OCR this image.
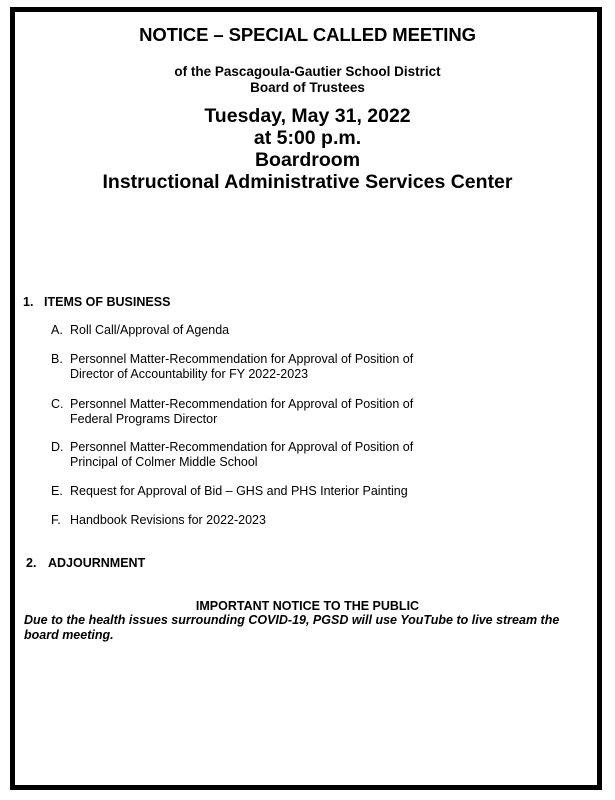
NOTICE – SPECIAL CALLED MEETING
of the Pascagoula-Gautier School District
Board of Trustees
Tuesday, May 31, 2022
at 5:00 p.m.
Boardroom
Instructional Administrative Services Center
1. ITEMS OF BUSINESS
A. Roll Call/Approval of Agenda
B. Personnel Matter-Recommendation for Approval of Position of
Director of Accountability for FY 2022-2023
C. Personnel Matter-Recommendation for Approval of Position of
Federal Programs Director
D. Personnel Matter-Recommendation for Approval of Position of
Principal of Colmer Middle School
E. Request for Approval of Bid – GHS and PHS Interior Painting
F. Handbook Revisions for 2022-2023
2. ADJOURNMENT
IMPORTANT NOTICE TO THE PUBLIC
Due to the health issues surrounding COVID-19, PGSD will use YouTube to live stream the board meeting.
